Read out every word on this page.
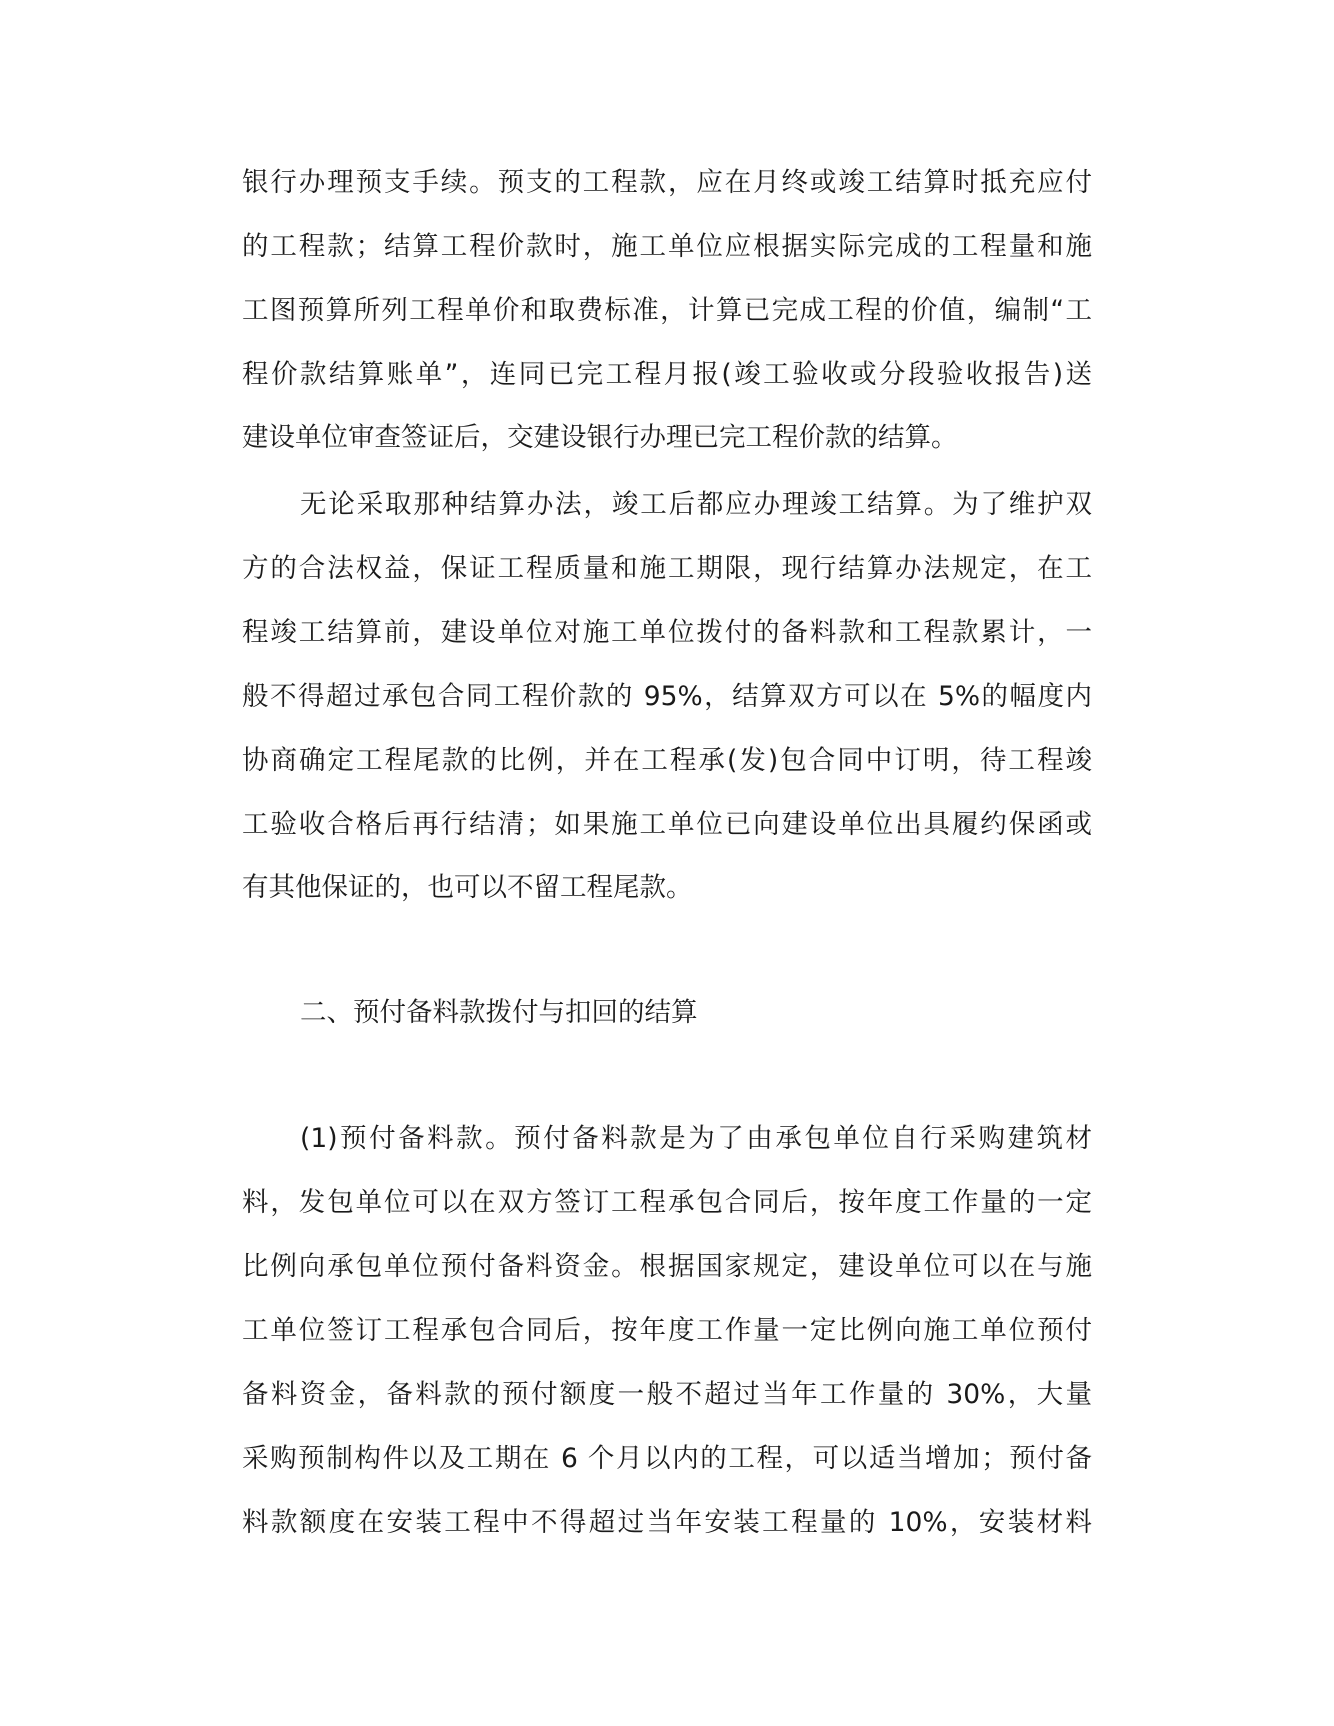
银行办理预支手续。预支的工程款，应在月终或竣工结算时抵充应付
的工程款；结算工程价款时，施工单位应根据实际完成的工程量和施
工图预算所列工程单价和取费标准，计算已完成工程的价值，编制“工
程价款结算账单”，连同已完工程月报(竣工验收或分段验收报告)送
建设单位审查签证后，交建设银行办理已完工程价款的结算。
无论采取那种结算办法，竣工后都应办理竣工结算。为了维护双
方的合法权益，保证工程质量和施工期限，现行结算办法规定，在工
程竣工结算前，建设单位对施工单位拨付的备料款和工程款累计，一
般不得超过承包合同工程价款的 95%，结算双方可以在 5%的幅度内
协商确定工程尾款的比例，并在工程承(发)包合同中订明，待工程竣
工验收合格后再行结清；如果施工单位已向建设单位出具履约保函或
有其他保证的，也可以不留工程尾款。
二、预付备料款拨付与扣回的结算
(1)预付备料款。预付备料款是为了由承包单位自行采购建筑材
料，发包单位可以在双方签订工程承包合同后，按年度工作量的一定
比例向承包单位预付备料资金。根据国家规定，建设单位可以在与施
工单位签订工程承包合同后，按年度工作量一定比例向施工单位预付
备料资金，备料款的预付额度一般不超过当年工作量的 30%，大量
采购预制构件以及工期在 6 个月以内的工程，可以适当增加；预付备
料款额度在安装工程中不得超过当年安装工程量的 10%，安装材料
